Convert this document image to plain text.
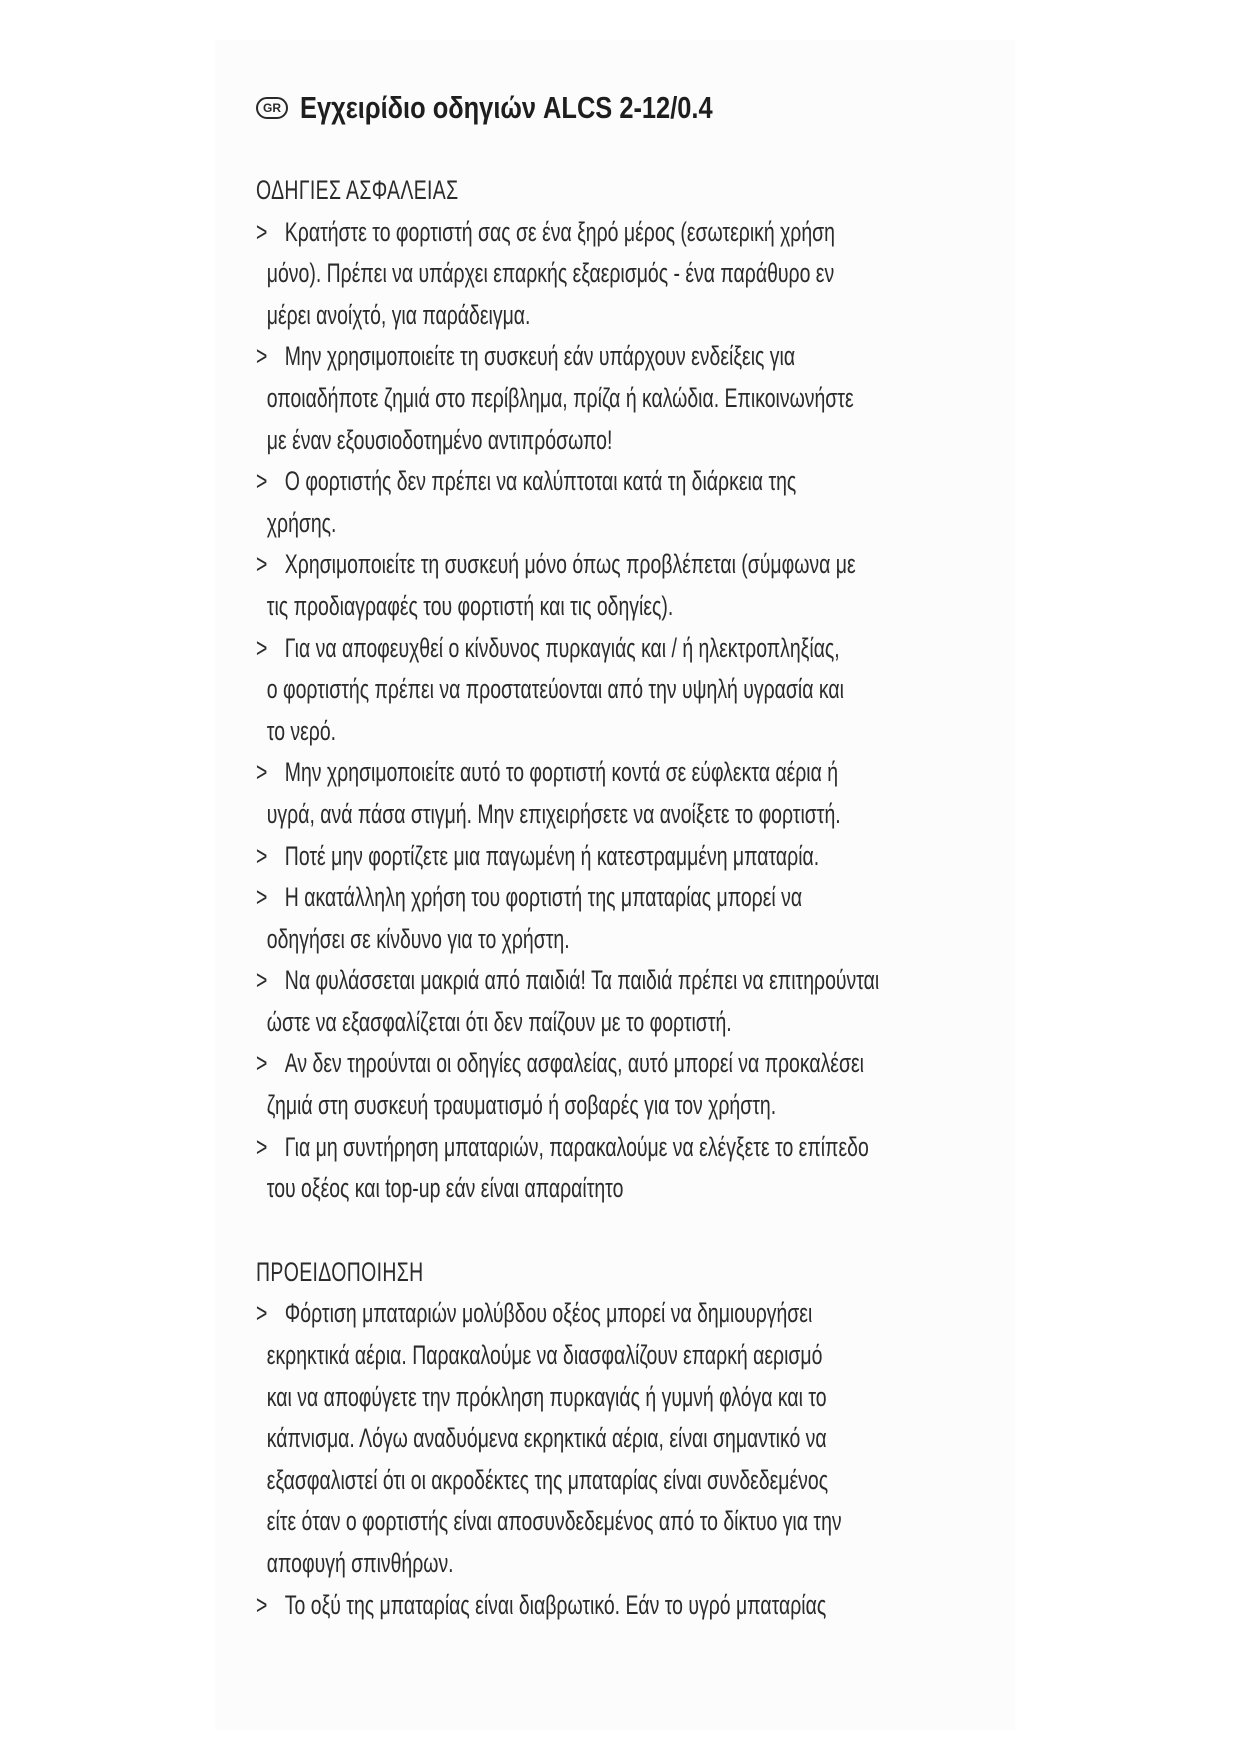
GR Εγχειρίδιο οδηγιών ALCS 2-12/0.4
ΟΔΗΓΙΕΣ ΑΣΦΑΛΕΙΑΣ
> Κρατήστε το φορτιστή σας σε ένα ξηρό μέρος (εσωτερική χρήση
μόνο). Πρέπει να υπάρχει επαρκής εξαερισμός - ένα παράθυρο εν
μέρει ανοίχτό, για παράδειγμα.
> Μην χρησιμοποιείτε τη συσκευή εάν υπάρχουν ενδείξεις για
οποιαδήποτε ζημιά στο περίβλημα, πρίζα ή καλώδια. Επικοινωνήστε
με έναν εξουσιοδοτημένο αντιπρόσωπο!
> Ο φορτιστής δεν πρέπει να καλύπτοται κατά τη διάρκεια της
χρήσης.
> Χρησιμοποιείτε τη συσκευή μόνο όπως προβλέπεται (σύμφωνα με
τις προδιαγραφές του φορτιστή και τις οδηγίες).
> Για να αποφευχθεί ο κίνδυνος πυρκαγιάς και / ή ηλεκτροπληξίας,
ο φορτιστής πρέπει να προστατεύονται από την υψηλή υγρασία και
το νερό.
> Μην χρησιμοποιείτε αυτό το φορτιστή κοντά σε εύφλεκτα αέρια ή
υγρά, ανά πάσα στιγμή. Μην επιχειρήσετε να ανοίξετε το φορτιστή.
> Ποτέ μην φορτίζετε μια παγωμένη ή κατεστραμμένη μπαταρία.
> Η ακατάλληλη χρήση του φορτιστή της μπαταρίας μπορεί να
οδηγήσει σε κίνδυνο για το χρήστη.
> Να φυλάσσεται μακριά από παιδιά! Τα παιδιά πρέπει να επιτηρούνται
ώστε να εξασφαλίζεται ότι δεν παίζουν με το φορτιστή.
> Αν δεν τηρούνται οι οδηγίες ασφαλείας, αυτό μπορεί να προκαλέσει
ζημιά στη συσκευή τραυματισμό ή σοβαρές για τον χρήστη.
> Για μη συντήρηση μπαταριών, παρακαλούμε να ελέγξετε το επίπεδο
του οξέος και top-up εάν είναι απαραίτητο
ΠΡΟΕΙΔΟΠΟΙΗΣΗ
> Φόρτιση μπαταριών μολύβδου οξέος μπορεί να δημιουργήσει
εκρηκτικά αέρια. Παρακαλούμε να διασφαλίζουν επαρκή αερισμό
και να αποφύγετε την πρόκληση πυρκαγιάς ή γυμνή φλόγα και το
κάπνισμα. Λόγω αναδυόμενα εκρηκτικά αέρια, είναι σημαντικό να
εξασφαλιστεί ότι οι ακροδέκτες της μπαταρίας είναι συνδεδεμένος
είτε όταν ο φορτιστής είναι αποσυνδεδεμένος από το δίκτυο για την
αποφυγή σπινθήρων.
> Το οξύ της μπαταρίας είναι διαβρωτικό. Εάν το υγρό μπαταρίας
